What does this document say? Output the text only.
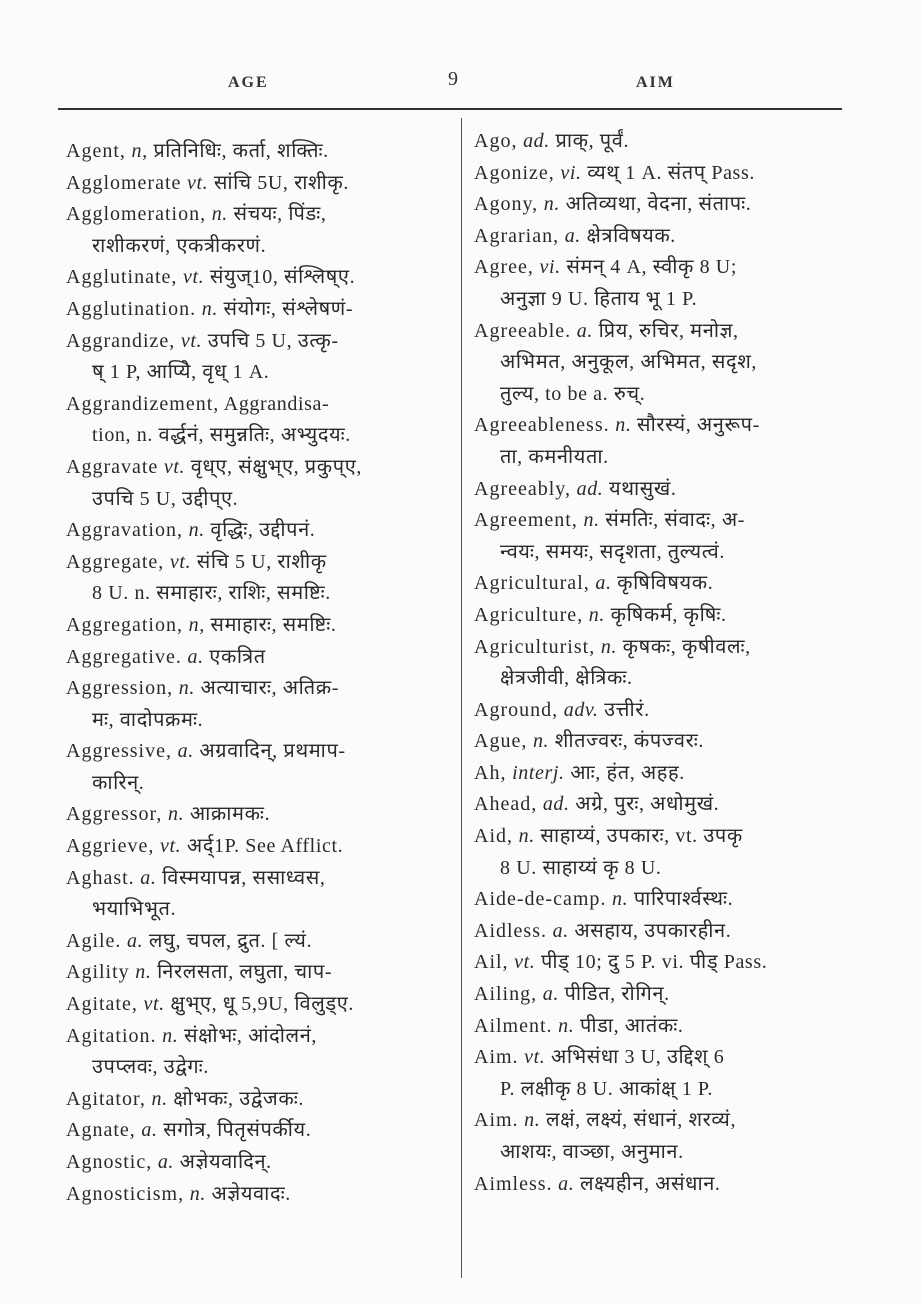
AGE	9	AIM
Agent, n, प्रतिनिधिः, कर्ता, शक्तिः.
Agglomerate vt. सांचि 5U, राशीकृ.
Agglomeration, n. संचयः, पिंडः,
राशीकरणं, एकत्रीकरणं.
Agglutinate, vt. संयुज्10, संश्लिष्ए.
Agglutination. n. संयोगः, संश्लेषणं-
Aggrandize, vt. उपचि 5 U, उत्कृ-
ष् 1 P, आप्येि, वृध् 1 A.
Aggrandizement, Aggrandisa-
tion, n. वर्द्धनं, समुन्नतिः, अभ्युदयः.
Aggravate vt. वृध्ए, संक्षुभ्ए, प्रकुप्ए,
उपचि 5 U, उद्दीप्ए.
Aggravation, n. वृद्धिः, उद्दीपनं.
Aggregate, vt. संचि 5 U, राशीकृ
8 U. n. समाहारः, राशिः, समष्टिः.
Aggregation, n, समाहारः, समष्टिः.
Aggregative. a. एकत्रित
Aggression, n. अत्याचारः, अतिक्र-
मः, वादोपक्रमः.
Aggressive, a. अग्रवादिन्, प्रथमाप-
कारिन्.
Aggressor, n. आक्रामकः.
Aggrieve, vt. अर्द्1P. See Afflict.
Aghast. a. विस्मयापन्न, ससाध्वस,
भयाभिभूत.
Agile. a. लघु, चपल, द्रुत. [ ल्यं.
Agility n. निरलसता, लघुता, चाप-
Agitate, vt. क्षुभ्ए, धू 5,9U, विलुड्ए.
Agitation. n. संक्षोभः, आंदोलनं,
उपप्लवः, उद्वेगः.
Agitator, n. क्षोभकः, उद्वेजकः.
Agnate, a. सगोत्र, पितृसंपर्कीय.
Agnostic, a. अज्ञेयवादिन्.
Agnosticism, n. अज्ञेयवादः.
Ago, ad. प्राक्, पूर्वं.
Agonize, vi. व्यथ् 1 A. संतप् Pass.
Agony, n. अतिव्यथा, वेदना, संतापः.
Agrarian, a. क्षेत्रविषयक.
Agree, vi. संमन् 4 A, स्वीकृ 8 U;
अनुज्ञा 9 U. हिताय भू 1 P.
Agreeable. a. प्रिय, रुचिर, मनोज्ञ,
अभिमत, अनुकूल, अभिमत, सदृश,
तुल्य, to be a. रुच्.
Agreeableness. n. सौरस्यं, अनुरूप-
ता, कमनीयता.
Agreeably, ad. यथासुखं.
Agreement, n. संमतिः, संवादः, अ-
न्वयः, समयः, सदृशता, तुल्यत्वं.
Agricultural, a. कृषिविषयक.
Agriculture, n. कृषिकर्म, कृषिः.
Agriculturist, n. कृषकः, कृषीवलः,
क्षेत्रजीवी, क्षेत्रिकः.
Aground, adv. उत्तीरं.
Ague, n. शीतज्वरः, कंपज्वरः.
Ah, interj. आः, हंत, अहह.
Ahead, ad. अग्रे, पुरः, अधोमुखं.
Aid, n. साहाय्यं, उपकारः, vt. उपकृ
8 U. साहाय्यं कृ 8 U.
Aide-de-camp. n. पारिपार्श्वस्थः.
Aidless. a. असहाय, उपकारहीन.
Ail, vt. पीड् 10; दु 5 P. vi. पीड् Pass.
Ailing, a. पीडित, रोगिन्.
Ailment. n. पीडा, आतंकः.
Aim. vt. अभिसंधा 3 U, उद्दिश् 6
P. लक्षीकृ 8 U. आकांक्ष् 1 P.
Aim. n. लक्षं, लक्ष्यं, संधानं, शरव्यं,
आशयः, वाञ्छा, अनुमान.
Aimless. a. लक्ष्यहीन, असंधान.
